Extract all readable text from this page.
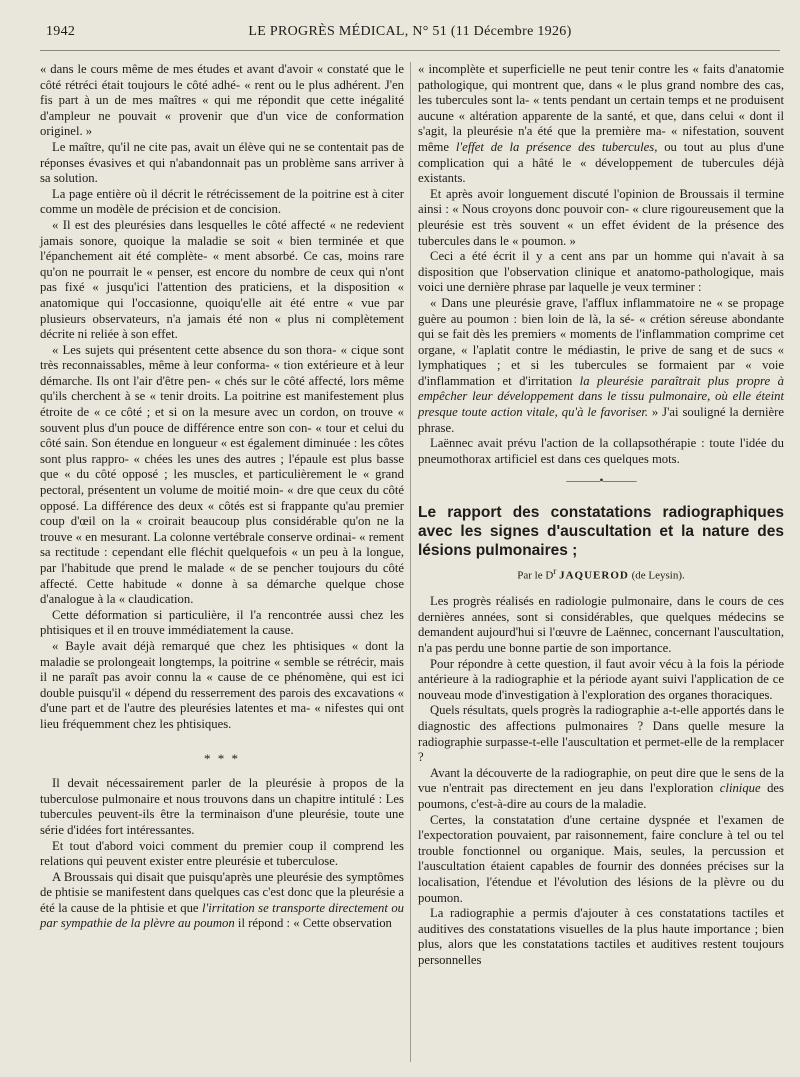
1942	LE PROGRÈS MÉDICAL, N° 51 (11 Décembre 1926)

« dans le cours même de mes études et avant d'avoir « constaté que le côté rétréci était toujours le côté adhé- « rent ou le plus adhérent. J'en fis part à un de mes maîtres « qui me répondit que cette inégalité d'ampleur ne pouvait « provenir que d'un vice de conformation originel. »

Le maître, qu'il ne cite pas, avait un élève qui ne se contentait pas de réponses évasives et qui n'abandonnait pas un problème sans arriver à sa solution.

La page entière où il décrit le rétrécissement de la poitrine est à citer comme un modèle de précision et de concision.

« Il est des pleurésies dans lesquelles le côté affecté « ne redevient jamais sonore, quoique la maladie se soit « bien terminée et que l'épanchement ait été complète- « ment absorbé. Ce cas, moins rare qu'on ne pourrait le « penser, est encore du nombre de ceux qui n'ont pas fixé « jusqu'ici l'attention des praticiens, et la disposition « anatomique qui l'occasionne, quoiqu'elle ait été entre « vue par plusieurs observateurs, n'a jamais été non « plus ni complètement décrite ni reliée à son effet.

« Les sujets qui présentent cette absence du son thora- « cique sont très reconnaissables, même à leur conforma- « tion extérieure et à leur démarche. Ils ont l'air d'être pen- « chés sur le côté affecté, lors même qu'ils cherchent à se « tenir droits. La poitrine est manifestement plus étroite de « ce côté ; et si on la mesure avec un cordon, on trouve « souvent plus d'un pouce de différence entre son con- « tour et celui du côté sain. Son étendue en longueur « est également diminuée : les côtes sont plus rappro- « chées les unes des autres ; l'épaule est plus basse que « du côté opposé ; les muscles, et particulièrement le « grand pectoral, présentent un volume de moitié moin- « dre que ceux du côté opposé. La différence des deux « côtés est si frappante qu'au premier coup d'œil on la « croirait beaucoup plus considérable qu'on ne la trouve « en mesurant. La colonne vertébrale conserve ordinai- « rement sa rectitude : cependant elle fléchit quelquefois « un peu à la longue, par l'habitude que prend le malade « de se pencher toujours du côté affecté. Cette habitude « donne à sa démarche quelque chose d'analogue à la « claudication.

Cette déformation si particulière, il l'a rencontrée aussi chez les phtisiques et il en trouve immédiatement la cause.

« Bayle avait déjà remarqué que chez les phtisiques « dont la maladie se prolongeait longtemps, la poitrine « semble se rétrécir, mais il ne paraît pas avoir connu la « cause de ce phénomène, qui est ici double puisqu'il « dépend du resserrement des parois des excavations « d'une part et de l'autre des pleurésies latentes et ma- « nifestes qui ont lieu fréquemment chez les phtisiques.

* * *

Il devait nécessairement parler de la pleurésie à propos de la tuberculose pulmonaire et nous trouvons dans un chapitre intitulé : Les tubercules peuvent-ils être la terminaison d'une pleurésie, toute une série d'idées fort intéressantes.

Et tout d'abord voici comment du premier coup il comprend les relations qui peuvent exister entre pleurésie et tuberculose.

A Broussais qui disait que puisqu'après une pleurésie des symptômes de phtisie se manifestent dans quelques cas c'est donc que la pleurésie a été la cause de la phtisie et que l'irritation se transporte directement ou par sympathie de la plèvre au poumon il répond : « Cette observation

« incomplète et superficielle ne peut tenir contre les « faits d'anatomie pathologique, qui montrent que, dans « le plus grand nombre des cas, les tubercules sont la- « tents pendant un certain temps et ne produisent aucune « altération apparente de la santé, et que, dans celui « dont il s'agit, la pleurésie n'a été que la première ma- « nifestation, souvent même l'effet de la présence des tubercules, ou tout au plus d'une complication qui a hâté le « développement de tubercules déjà existants.

Et après avoir longuement discuté l'opinion de Broussais il termine ainsi : « Nous croyons donc pouvoir con- « clure rigoureusement que la pleurésie est très souvent « un effet évident de la présence des tubercules dans le « poumon. »

Ceci a été écrit il y a cent ans par un homme qui n'avait à sa disposition que l'observation clinique et anatomo-pathologique, mais voici une dernière phrase par laquelle je veux terminer :

« Dans une pleurésie grave, l'afflux inflammatoire ne « se propage guère au poumon : bien loin de là, la sé- « crétion séreuse abondante qui se fait dès les premiers « moments de l'inflammation comprime cet organe, « l'aplatit contre le médiastin, le prive de sang et de sucs « lymphatiques ; et si les tubercules se formaient par « voie d'inflammation et d'irritation la pleurésie paraîtrait plus propre à empêcher leur développement dans le tissu pulmonaire, où elle éteint presque toute action vitale, qu'à le favoriser. » J'ai souligné la dernière phrase.

Laënnec avait prévu l'action de la collapsothérapie : toute l'idée du pneumothorax artificiel est dans ces quelques mots.

———•———
Le rapport des constatations radiographiques avec les signes d'auscultation et la nature des lésions pulmonaires ;
Par le $D^r$ JAQUEROD (de Leysin).

Les progrès réalisés en radiologie pulmonaire, dans le cours de ces dernières années, sont si considérables, que quelques médecins se demandent aujourd'hui si l'œuvre de Laënnec, concernant l'auscultation, n'a pas perdu une bonne partie de son importance.

Pour répondre à cette question, il faut avoir vécu à la fois la période antérieure à la radiographie et la période ayant suivi l'application de ce nouveau mode d'investigation à l'exploration des organes thoraciques.

Quels résultats, quels progrès la radiographie a-t-elle apportés dans le diagnostic des affections pulmonaires ? Dans quelle mesure la radiographie surpasse-t-elle l'auscultation et permet-elle de la remplacer ?

Avant la découverte de la radiographie, on peut dire que le sens de la vue n'entrait pas directement en jeu dans l'exploration clinique des poumons, c'est-à-dire au cours de la maladie.

Certes, la constatation d'une certaine dyspnée et l'examen de l'expectoration pouvaient, par raisonnement, faire conclure à tel ou tel trouble fonctionnel ou organique. Mais, seules, la percussion et l'auscultation étaient capables de fournir des données précises sur la localisation, l'étendue et l'évolution des lésions de la plèvre ou du poumon.

La radiographie a permis d'ajouter à ces constatations tactiles et auditives des constatations visuelles de la plus haute importance ; bien plus, alors que les constatations tactiles et auditives restent toujours personnelles
